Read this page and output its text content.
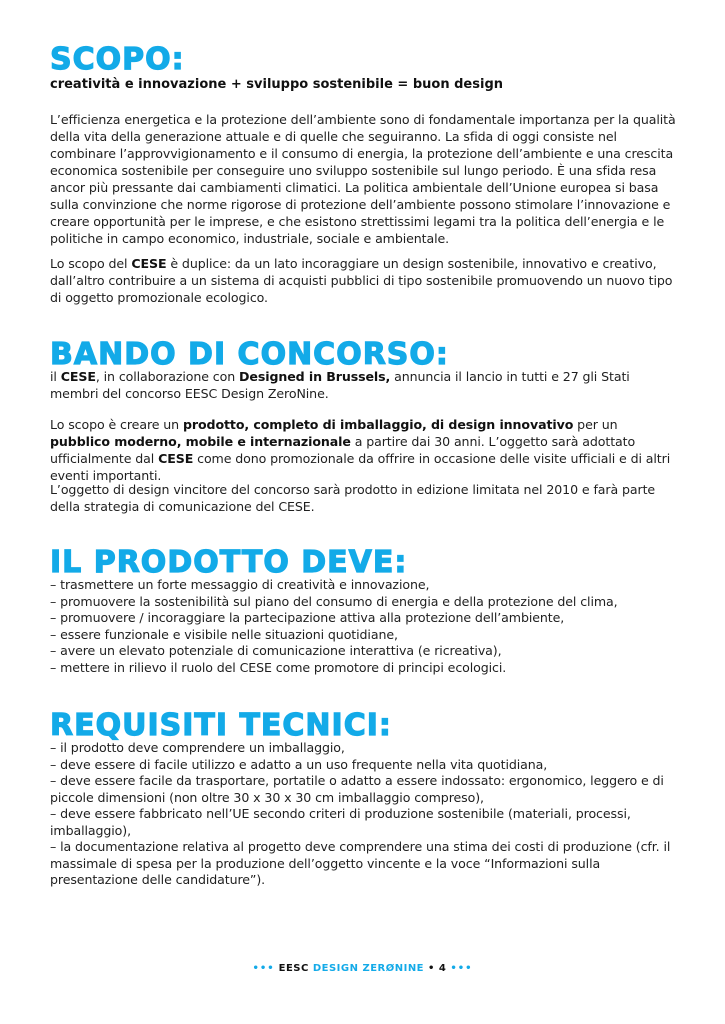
SCOPO:

creatività e innovazione + sviluppo sostenibile = buon design

L’efficienza energetica e la protezione dell’ambiente sono di fondamentale importanza per la qualità della vita della generazione attuale e di quelle che seguiranno. La sfida di oggi consiste nel combinare l’approvvigionamento e il consumo di energia, la protezione dell’ambiente e una crescita economica sostenibile per conseguire uno sviluppo sostenibile sul lungo periodo. È una sfida resa ancor più pressante dai cambiamenti climatici. La politica ambientale dell’Unione europea si basa sulla convinzione che norme rigorose di protezione dell’ambiente possono stimolare l’innovazione e creare opportunità per le imprese, e che esistono strettissimi legami tra la politica dell’energia e le politiche in campo economico, industriale, sociale e ambientale.

Lo scopo del CESE è duplice: da un lato incoraggiare un design sostenibile, innovativo e creativo, dall’altro contribuire a un sistema di acquisti pubblici di tipo sostenibile promuovendo un nuovo tipo di oggetto promozionale ecologico.

BANDO DI CONCORSO:

il CESE, in collaborazione con Designed in Brussels, annuncia il lancio in tutti e 27 gli Stati membri del concorso EESC Design ZeroNine.

Lo scopo è creare un prodotto, completo di imballaggio, di design innovativo per un pubblico moderno, mobile e internazionale a partire dai 30 anni. L’oggetto sarà adottato ufficialmente dal CESE come dono promozionale da offrire in occasione delle visite ufficiali e di altri eventi importanti.

L’oggetto di design vincitore del concorso sarà prodotto in edizione limitata nel 2010 e farà parte della strategia di comunicazione del CESE.

IL PRODOTTO DEVE:
– trasmettere un forte messaggio di creatività e innovazione,
– promuovere la sostenibilità sul piano del consumo di energia e della protezione del clima,
– promuovere / incoraggiare la partecipazione attiva alla protezione dell’ambiente,
– essere funzionale e visibile nelle situazioni quotidiane,
– avere un elevato potenziale di comunicazione interattiva (e ricreativa),
– mettere in rilievo il ruolo del CESE come promotore di principi ecologici.
REQUISITI TECNICI:
– il prodotto deve comprendere un imballaggio,
– deve essere di facile utilizzo e adatto a un uso frequente nella vita quotidiana,
– deve essere facile da trasportare, portatile o adatto a essere indossato: ergonomico, leggero e di piccole dimensioni (non oltre 30 x 30 x 30 cm imballaggio compreso),
– deve essere fabbricato nell’UE secondo criteri di produzione sostenibile (materiali, processi, imballaggio),
– la documentazione relativa al progetto deve comprendere una stima dei costi di produzione (cfr. il massimale di spesa per la produzione dell’oggetto vincente e la voce “Informazioni sulla presentazione delle candidature”).
••• EESC DESIGN ZERØNINE • 4 •••
